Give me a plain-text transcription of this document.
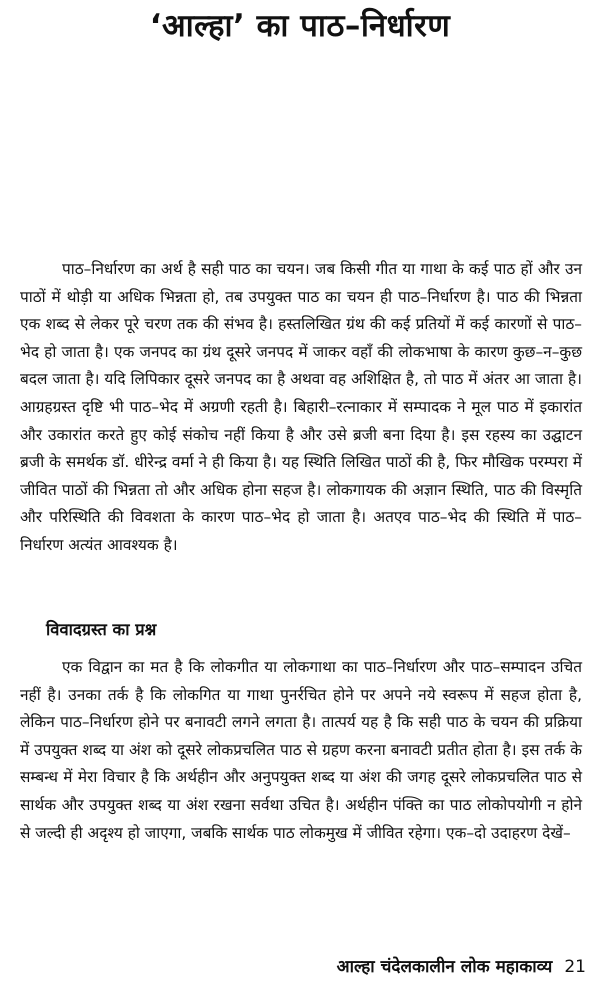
‘आल्हा’ का पाठ–निर्धारण

पाठ–निर्धारण का अर्थ है सही पाठ का चयन। जब किसी गीत या गाथा के कई पाठ हों और उन पाठों में थोड़ी या अधिक भिन्नता हो, तब उपयुक्त पाठ का चयन ही पाठ–निर्धारण है। पाठ की भिन्नता एक शब्द से लेकर पूरे चरण तक की संभव है। हस्तलिखित ग्रंथ की कई प्रतियों में कई कारणों से पाठ–भेद हो जाता है। एक जनपद का ग्रंथ दूसरे जनपद में जाकर वहाँ की लोकभाषा के कारण कुछ–न–कुछ बदल जाता है। यदि लिपिकार दूसरे जनपद का है अथवा वह अशिक्षित है, तो पाठ में अंतर आ जाता है। आग्रहग्रस्त दृष्टि भी पाठ–भेद में अग्रणी रहती है। बिहारी–रत्नाकार में सम्पादक ने मूल पाठ में इकारांत और उकारांत करते हुए कोई संकोच नहीं किया है और उसे ब्रजी बना दिया है। इस रहस्य का उद्घाटन ब्रजी के समर्थक डॉ. धीरेन्द्र वर्मा ने ही किया है। यह स्थिति लिखित पाठों की है, फिर मौखिक परम्परा में जीवित पाठों की भिन्नता तो और अधिक होना सहज है। लोकगायक की अज्ञान स्थिति, पाठ की विस्मृति और परिस्थिति की विवशता के कारण पाठ–भेद हो जाता है। अतएव पाठ–भेद की स्थिति में पाठ–निर्धारण अत्यंत आवश्यक है।

विवादग्रस्त का प्रश्न

एक विद्वान का मत है कि लोकगीत या लोकगाथा का पाठ–निर्धारण और पाठ–सम्पादन उचित नहीं है। उनका तर्क है कि लोकगित या गाथा पुनर्रचित होने पर अपने नये स्वरूप में सहज होता है, लेकिन पाठ–निर्धारण होने पर बनावटी लगने लगता है। तात्पर्य यह है कि सही पाठ के चयन की प्रक्रिया में उपयुक्त शब्द या अंश को दूसरे लोकप्रचलित पाठ से ग्रहण करना बनावटी प्रतीत होता है। इस तर्क के सम्बन्ध में मेरा विचार है कि अर्थहीन और अनुपयुक्त शब्द या अंश की जगह दूसरे लोकप्रचलित पाठ से सार्थक और उपयुक्त शब्द या अंश रखना सर्वथा उचित है। अर्थहीन पंक्ति का पाठ लोकोपयोगी न होने से जल्दी ही अदृश्य हो जाएगा, जबकि सार्थक पाठ लोकमुख में जीवित रहेगा। एक–दो उदाहरण देखें–

आल्हा चंदेलकालीन लोक महाकाव्य 21
